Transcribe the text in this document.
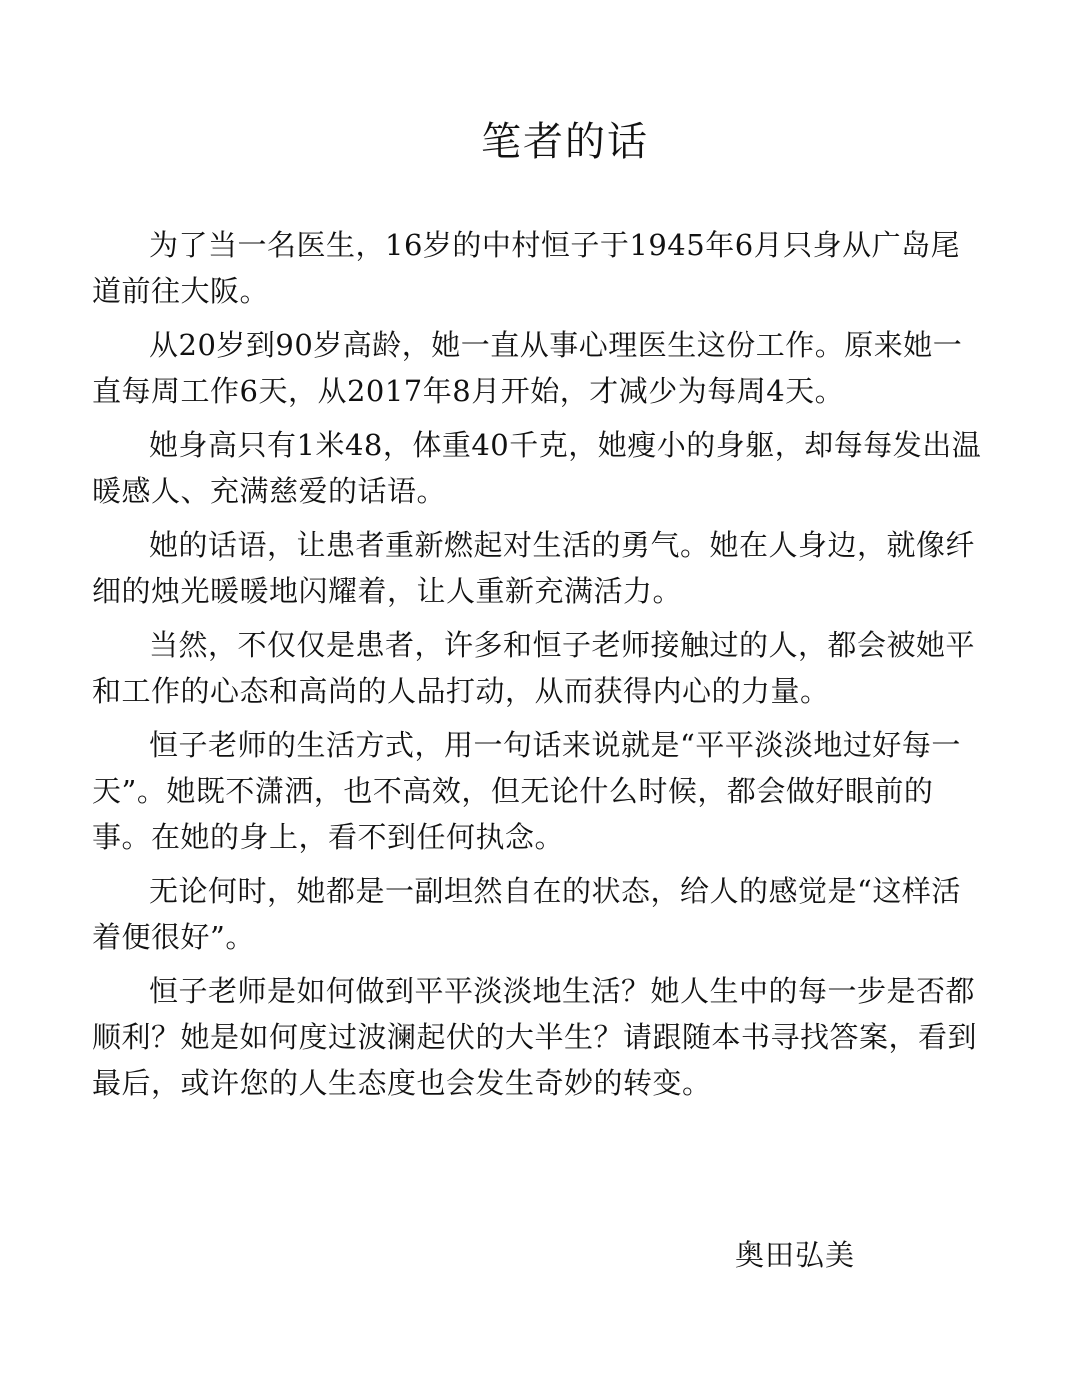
笔者的话

为了当一名医生，16岁的中村恒子于1945年6月只身从广岛尾道前往大阪。

从20岁到90岁高龄，她一直从事心理医生这份工作。原来她一直每周工作6天，从2017年8月开始，才减少为每周4天。

她身高只有1米48，体重40千克，她瘦小的身躯，却每每发出温暖感人、充满慈爱的话语。

她的话语，让患者重新燃起对生活的勇气。她在人身边，就像纤细的烛光暖暖地闪耀着，让人重新充满活力。

当然，不仅仅是患者，许多和恒子老师接触过的人，都会被她平和工作的心态和高尚的人品打动，从而获得内心的力量。

恒子老师的生活方式，用一句话来说就是“平平淡淡地过好每一天”。她既不潇洒，也不高效，但无论什么时候，都会做好眼前的事。在她的身上，看不到任何执念。

无论何时，她都是一副坦然自在的状态，给人的感觉是“这样活着便很好”。

恒子老师是如何做到平平淡淡地生活？她人生中的每一步是否都顺利？她是如何度过波澜起伏的大半生？请跟随本书寻找答案，看到最后，或许您的人生态度也会发生奇妙的转变。

奥田弘美
